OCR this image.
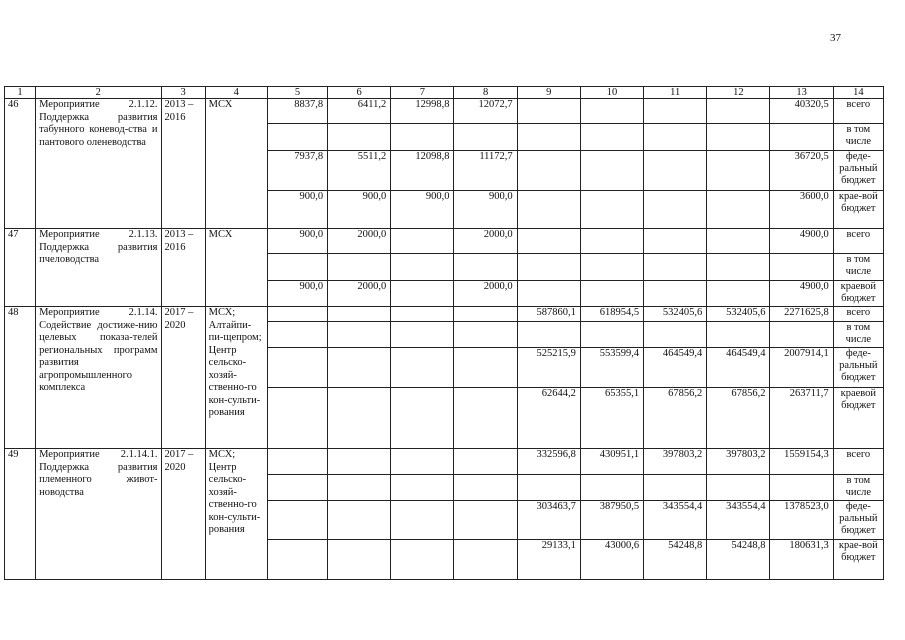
37
1	2	3	4	5	6	7	8	9	10	11	12	13	14
46	Мероприятие 2.1.12. Поддержка развития табунного коневод-ства и пантового оленеводства	2013 – 2016	МСХ	8837,8	6411,2	12998,8	12072,7					40320,5	всего
													в том числе
				7937,8	5511,2	12098,8	11172,7					36720,5	феде-ральный бюджет
				900,0	900,0	900,0	900,0					3600,0	крае-вой бюджет
47	Мероприятие 2.1.13. Поддержка развития пчеловодства	2013 – 2016	МСХ	900,0	2000,0		2000,0					4900,0	всего
													в том числе
				900,0	2000,0		2000,0					4900,0	краевой бюджет
48	Мероприятие 2.1.14. Содействие достиже-нию целевых показа-телей региональных программ развития агропромышленного комплекса	2017 – 2020	МСХ; Алтайпи-пи-щепром; Центр сельско-хозяй-ственно-го кон-сульти-рования					587860,1	618954,5	532405,6	532405,6	2271625,8	всего
													в том числе
								525215,9	553599,4	464549,4	464549,4	2007914,1	феде-ральный бюджет
								62644,2	65355,1	67856,2	67856,2	263711,7	краевой бюджет
49	Мероприятие 2.1.14.1. Поддержка развития племенного живот-новодства	2017 – 2020	МСХ; Центр сельско-хозяй-ственно-го кон-сульти-рования					332596,8	430951,1	397803,2	397803,2	1559154,3	всего
													в том числе
								303463,7	387950,5	343554,4	343554,4	1378523,0	феде-ральный бюджет
								29133,1	43000,6	54248,8	54248,8	180631,3	крае-вой бюджет
